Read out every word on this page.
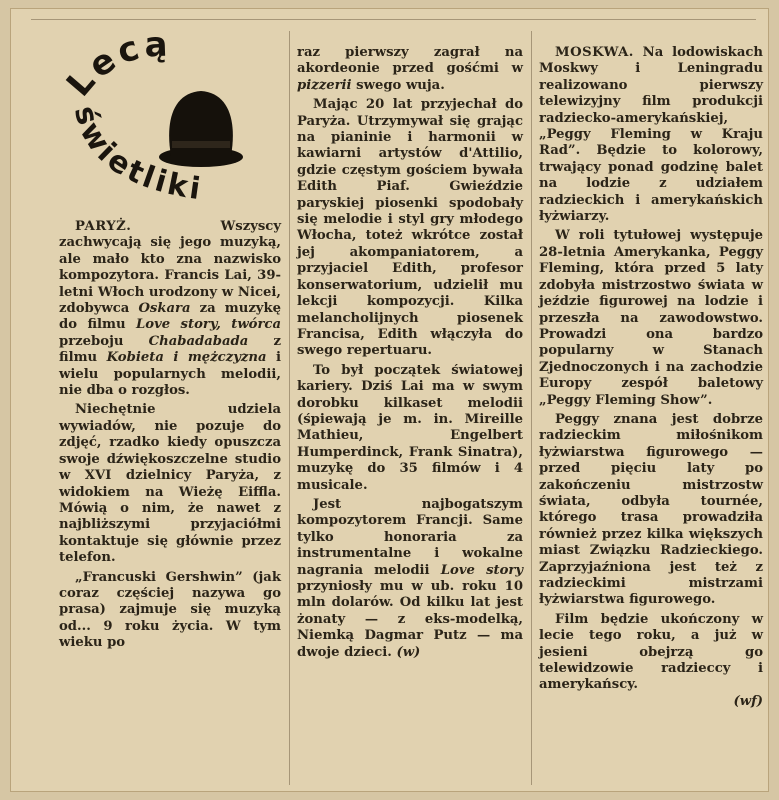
Lecą
świetliki

PARYŻ. Wszyscy zachwycają się jego muzyką, ale mało kto zna nazwisko kompozytora. Francis Lai, 39-letni Włoch urodzony w Nicei, zdobywca Oskara za muzykę do filmu Love story, twórca przeboju Chabadabada z filmu Kobieta i mężczyzna i wielu popularnych melodii, nie dba o rozgłos.

Niechętnie udziela wywiadów, nie pozuje do zdjęć, rzadko kiedy opuszcza swoje dźwiękoszczelne studio w XVI dzielnicy Paryża, z widokiem na Wieżę Eiffla. Mówią o nim, że nawet z najbliższymi przyjaciółmi kontaktuje się głównie przez telefon.

„Francuski Gershwin” (jak coraz częściej nazywa go prasa) zajmuje się muzyką od... 9 roku życia. W tym wieku po

raz pierwszy zagrał na akordeonie przed gośćmi w pizzerii swego wuja.

Mając 20 lat przyjechał do Paryża. Utrzymywał się grając na pianinie i harmonii w kawiarni artystów d'Attilio, gdzie częstym gościem bywała Edith Piaf. Gwieździe paryskiej piosenki spodobały się melodie i styl gry młodego Włocha, toteż wkrótce został jej akompaniatorem, a przyjaciel Edith, profesor konserwatorium, udzielił mu lekcji kompozycji. Kilka melancholijnych piosenek Francisa, Edith włączyła do swego repertuaru.

To był początek światowej kariery. Dziś Lai ma w swym dorobku kilkaset melodii (śpiewają je m. in. Mireille Mathieu, Engelbert Humperdinck, Frank Sinatra), muzykę do 35 filmów i 4 musicale.

Jest najbogatszym kompozytorem Francji. Same tylko honoraria za instrumentalne i wokalne nagrania melodii Love story przyniosły mu w ub. roku 10 mln dolarów. Od kilku lat jest żonaty — z eks-modelką, Niemką Dagmar Putz — ma dwoje dzieci. (w)

MOSKWA. Na lodowiskach Moskwy i Leningradu realizowano pierwszy telewizyjny film produkcji radziecko-amerykańskiej, „Peggy Fleming w Kraju Rad”. Będzie to kolorowy, trwający ponad godzinę balet na lodzie z udziałem radzieckich i amerykańskich łyżwiarzy.

W roli tytułowej występuje 28-letnia Amerykanka, Peggy Fleming, która przed 5 laty zdobyła mistrzostwo świata w jeździe figurowej na lodzie i przeszła na zawodowstwo. Prowadzi ona bardzo popularny w Stanach Zjednoczonych i na zachodzie Europy zespół baletowy „Peggy Fleming Show”.

Peggy znana jest dobrze radzieckim miłośnikom łyżwiarstwa figurowego — przed pięciu laty po zakończeniu mistrzostw świata, odbyła tournée, którego trasa prowadziła również przez kilka większych miast Związku Radzieckiego. Zaprzyjaźniona jest też z radzieckimi mistrzami łyżwiarstwa figurowego.

Film będzie ukończony w lecie tego roku, a już w jesieni obejrzą go telewidzowie radzieccy i amerykańscy.

(wf)
